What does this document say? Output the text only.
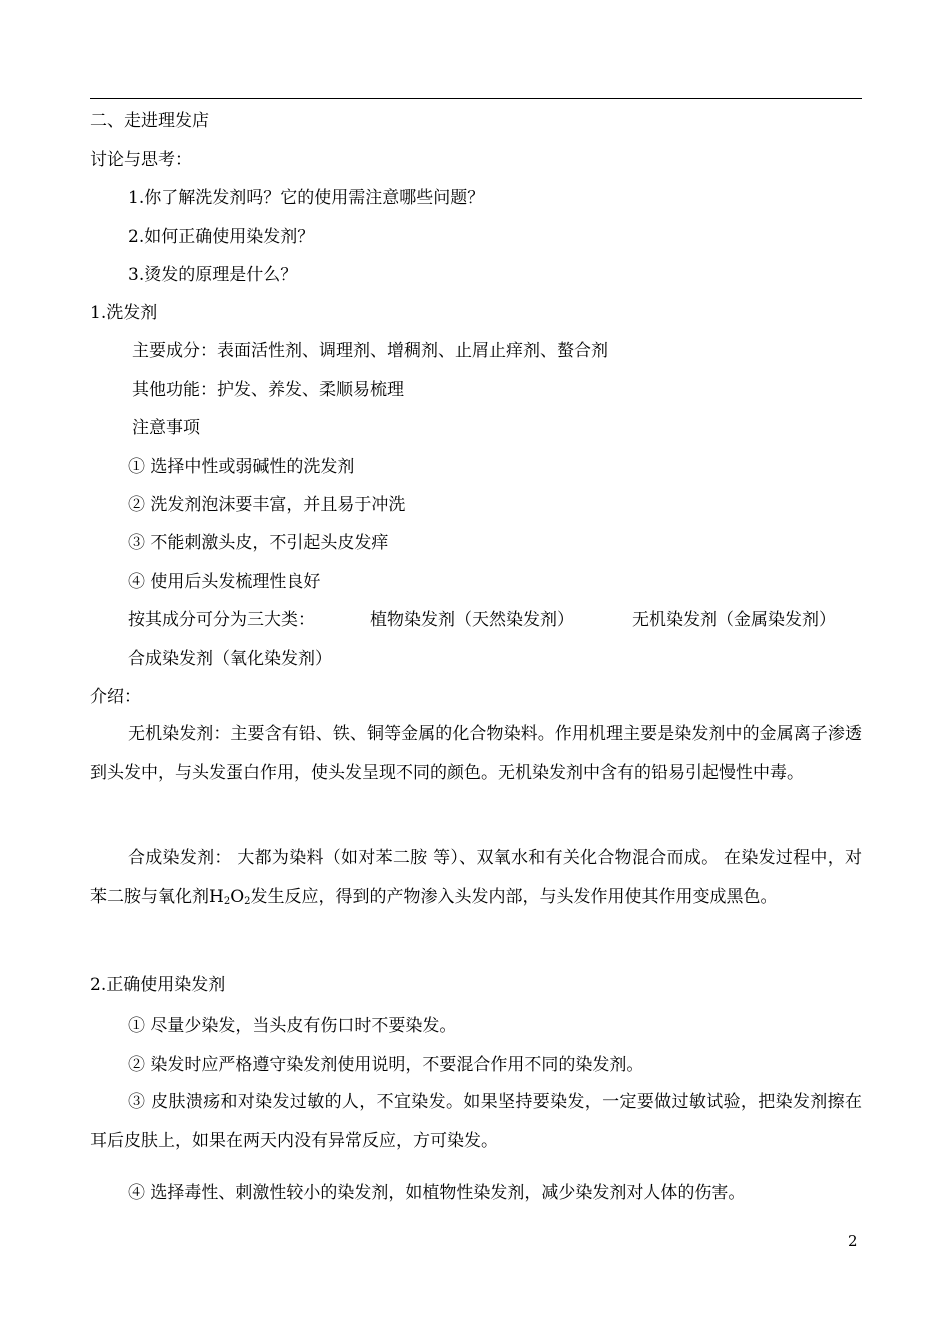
二、走进理发店
讨论与思考：
1.你了解洗发剂吗？它的使用需注意哪些问题？
2.如何正确使用染发剂？
3.烫发的原理是什么？
1.洗发剂
主要成分：表面活性剂、调理剂、增稠剂、止屑止痒剂、螯合剂
其他功能：护发、养发、柔顺易梳理
注意事项
① 选择中性或弱碱性的洗发剂
② 洗发剂泡沫要丰富，并且易于冲洗
③ 不能刺激头皮，不引起头皮发痒
④ 使用后头发梳理性良好
按其成分可分为三大类：	植物染发剂（天然染发剂）	无机染发剂（金属染发剂）
合成染发剂（氧化染发剂）
介绍：
无机染发剂：主要含有铅、铁、铜等金属的化合物染料。作用机理主要是染发剂中的金属离子渗透到头发中，与头发蛋白作用，使头发呈现不同的颜色。无机染发剂中含有的铅易引起慢性中毒。
合成染发剂： 大都为染料（如对苯二胺 等）、双氧水和有关化合物混合而成。 在染发过程中，对苯二胺与氧化剂$H_2O_2$发生反应，得到的产物渗入头发内部，与头发作用使其作用变成黑色。
2.正确使用染发剂
① 尽量少染发，当头皮有伤口时不要染发。
② 染发时应严格遵守染发剂使用说明，不要混合作用不同的染发剂。
③ 皮肤溃疡和对染发过敏的人，不宜染发。如果坚持要染发，一定要做过敏试验，把染发剂擦在耳后皮肤上，如果在两天内没有异常反应，方可染发。
④ 选择毒性、刺激性较小的染发剂，如植物性染发剂，减少染发剂对人体的伤害。
2
